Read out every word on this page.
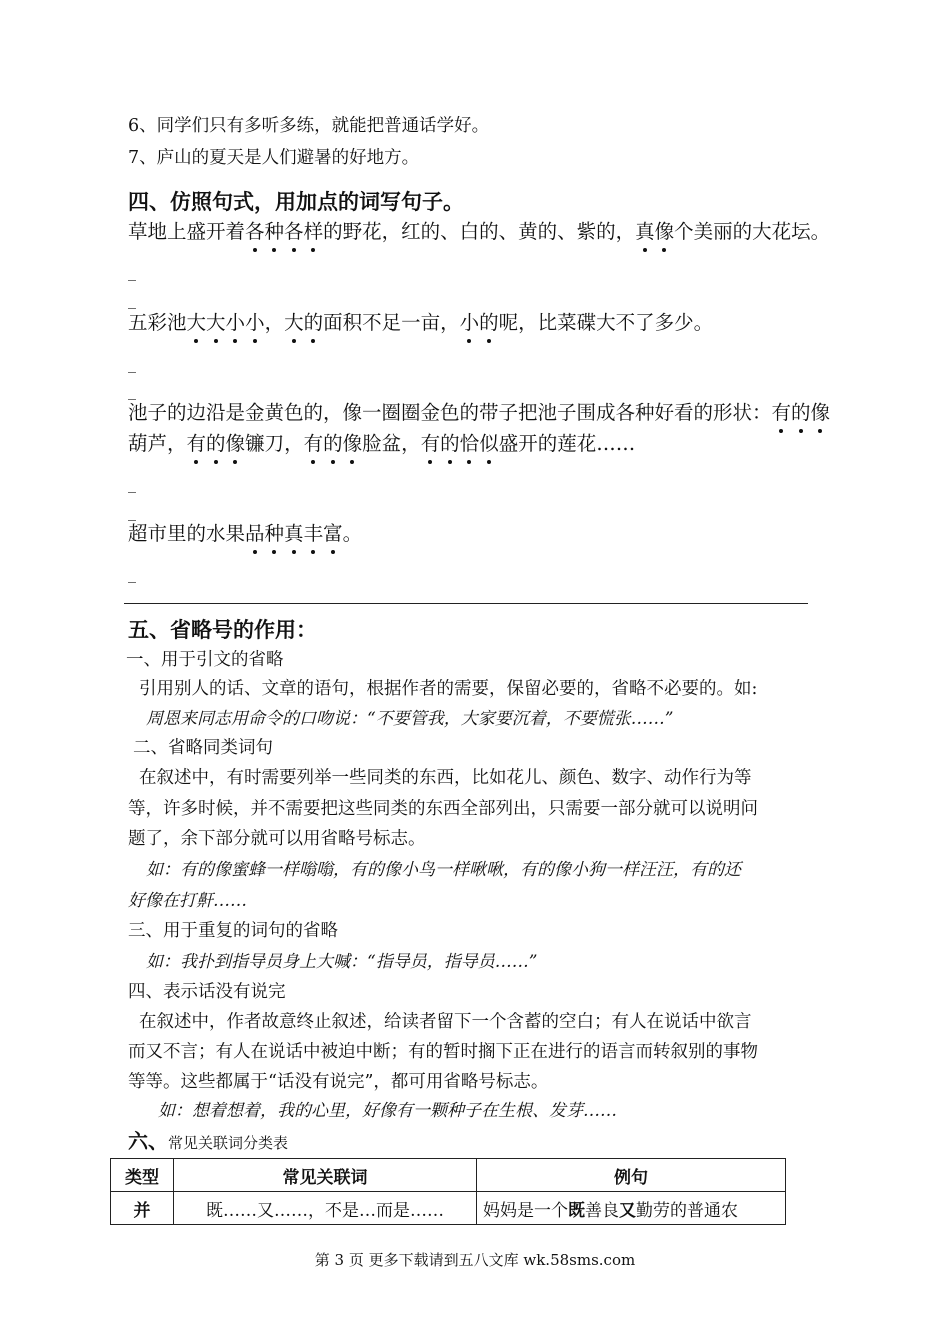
6、同学们只有多听多练，就能把普通话学好。
7、庐山的夏天是人们避暑的好地方。
四、仿照句式，用加点的词写句子。
草地上盛开着各种各样的野花，红的、白的、黄的、紫的，真像个美丽的大花坛。
_
_
五彩池大大小小，大的面积不足一亩，小的呢，比菜碟大不了多少。
_
_
池子的边沿是金黄色的，像一圈圈金色的带子把池子围成各种好看的形状：有的像
葫芦，有的像镰刀，有的像脸盆，有的恰似盛开的莲花……
_
_
超市里的水果品种真丰富。
_
五、省略号的作用：
一、用于引文的省略
引用别人的话、文章的语句，根据作者的需要，保留必要的，省略不必要的。如:
周恩来同志用命令的口吻说：“不要管我，大家要沉着，不要慌张……”
二、省略同类词句
在叙述中，有时需要列举一些同类的东西，比如花儿、颜色、数字、动作行为等
等，许多时候，并不需要把这些同类的东西全部列出，只需要一部分就可以说明问
题了，余下部分就可以用省略号标志。
如：有的像蜜蜂一样嗡嗡，有的像小鸟一样啾啾，有的像小狗一样汪汪，有的还
好像在打鼾……
三、用于重复的词句的省略
如：我扑到指导员身上大喊：“指导员，指导员……”
四、表示话没有说完
在叙述中，作者故意终止叙述，给读者留下一个含蓄的空白；有人在说话中欲言
而又不言；有人在说话中被迫中断；有的暂时搁下正在进行的语言而转叙别的事物
等等。这些都属于“话没有说完”，都可用省略号标志。
如：想着想着，我的心里，好像有一颗种子在生根、发芽……
六、常见关联词分类表
类型	常见关联词	例句
并	既……又……，不是…而是……	妈妈是一个既善良又勤劳的普通农
第 3 页 更多下载请到五八文库 wk.58sms.com
